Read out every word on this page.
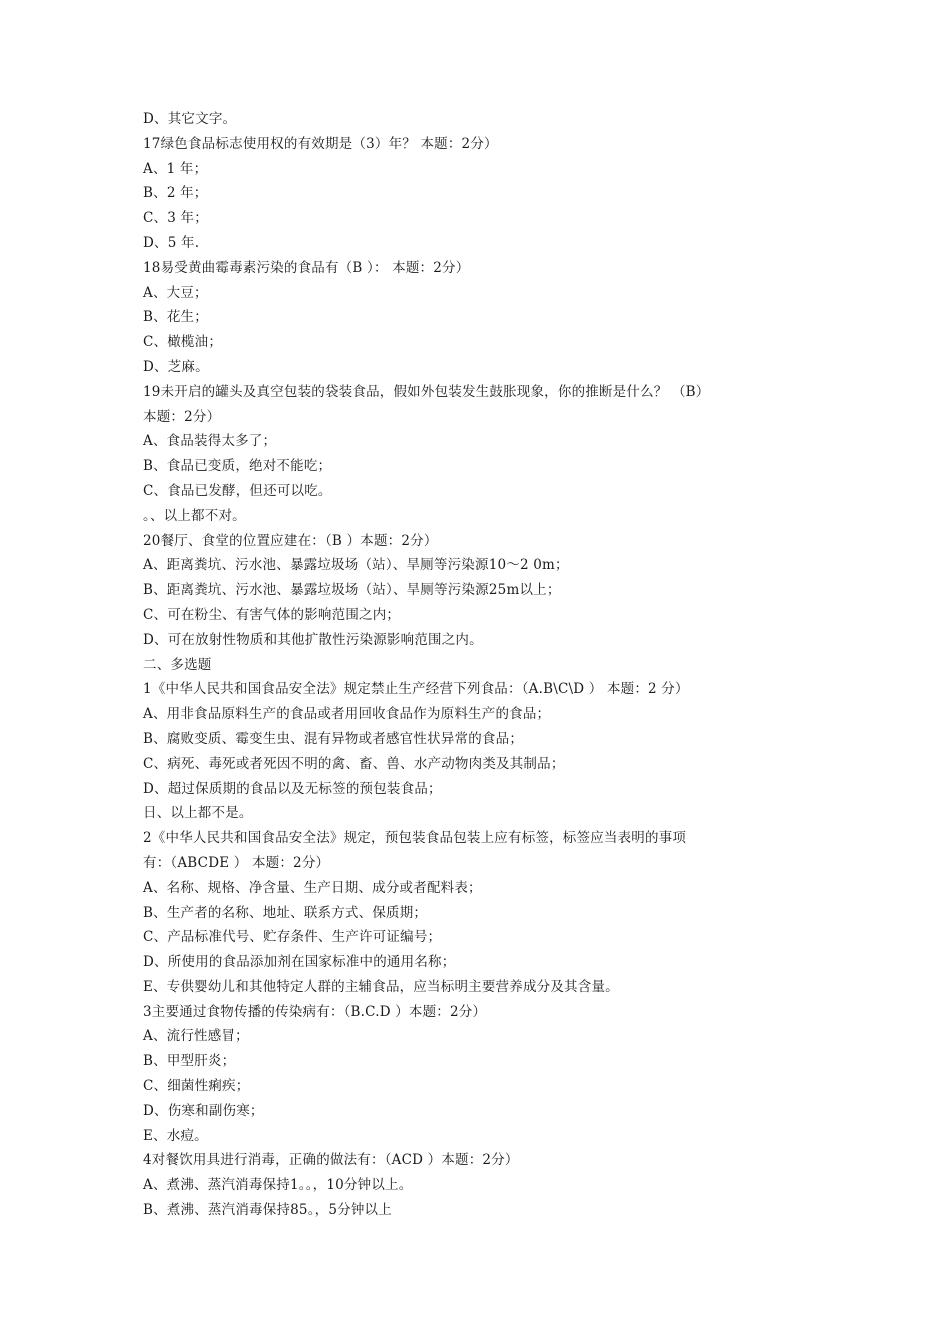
D、其它文字。
17绿色食品标志使用权的有效期是（3）年？ 本题：2分）
A、1 年；
B、2 年；
C、3 年；
D、5 年.
18易受黄曲霉毒素污染的食品有（B ）： 本题：2分）
A、大豆；
B、花生；
C、橄榄油；
D、芝麻。
19未开启的罐头及真空包装的袋装食品，假如外包装发生鼓胀现象，你的推断是什么？ （B）
本题：2分）
A、食品装得太多了；
B、食品已变质，绝对不能吃；
C、食品已发酵，但还可以吃。
。、以上都不对。
20餐厅、食堂的位置应建在：（B ）本题：2分）
A、距离粪坑、污水池、暴露垃圾场（站）、旱厕等污染源10〜2 0m；
B、距离粪坑、污水池、暴露垃圾场（站）、旱厕等污染源25m以上；
C、可在粉尘、有害气体的影响范围之内；
D、可在放射性物质和其他扩散性污染源影响范围之内。
二、多选题
1《中华人民共和国食品安全法》规定禁止生产经营下列食品：（A.B\C\D ） 本题：2 分）
A、用非食品原料生产的食品或者用回收食品作为原料生产的食品；
B、腐败变质、霉变生虫、混有异物或者感官性状异常的食品；
C、病死、毒死或者死因不明的禽、畜、兽、水产动物肉类及其制品；
D、超过保质期的食品以及无标签的预包装食品；
日、以上都不是。
2《中华人民共和国食品安全法》规定，预包装食品包装上应有标签，标签应当表明的事项
有：（ABCDE ） 本题：2分）
A、名称、规格、净含量、生产日期、成分或者配料表；
B、生产者的名称、地址、联系方式、保质期；
C、产品标准代号、贮存条件、生产许可证编号；
D、所使用的食品添加剂在国家标准中的通用名称；
E、专供婴幼儿和其他特定人群的主辅食品，应当标明主要营养成分及其含量。
3主要通过食物传播的传染病有：（B.C.D ）本题：2分）
A、流行性感冒；
B、甲型肝炎；
C、细菌性痢疾；
D、伤寒和副伤寒；
E、水痘。
4对餐饮用具进行消毒，正确的做法有：（ACD ）本题：2分）
A、煮沸、蒸汽消毒保持1。。，10分钟以上。
B、煮沸、蒸汽消毒保持85。，5分钟以上
